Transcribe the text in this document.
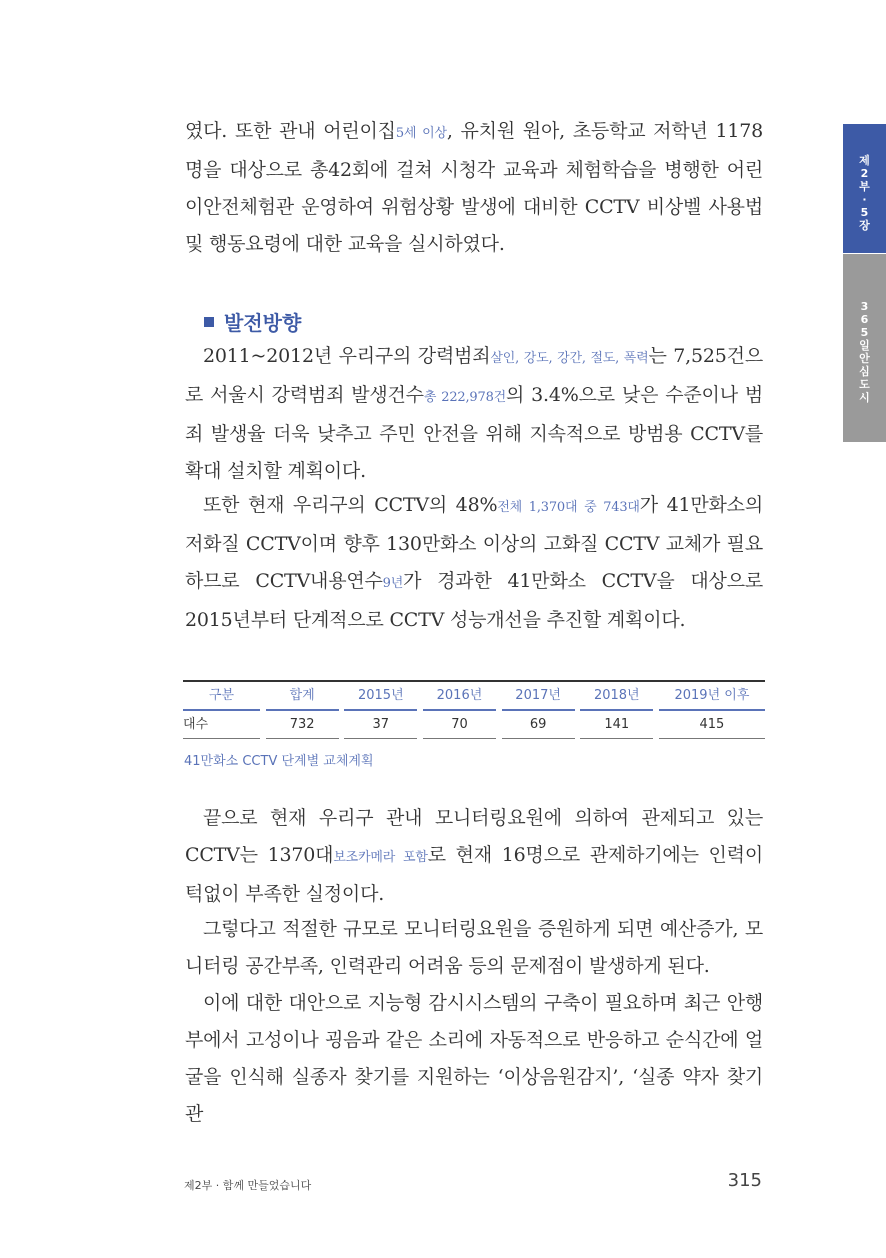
제
2
부
·
5
장
3
6
5
일
안
심
도
시

였다. 또한 관내 어린이집5세 이상, 유치원 원아, 초등학교 저학년 1178명을 대상으로 총42회에 걸쳐 시청각 교육과 체험학습을 병행한 어린이안전체험관 운영하여 위험상황 발생에 대비한 CCTV 비상벨 사용법 및 행동요령에 대한 교육을 실시하였다.

발전방향

2011~2012년 우리구의 강력범죄살인, 강도, 강간, 절도, 폭력는 7,525건으로 서울시 강력범죄 발생건수총 222,978건의 3.4%으로 낮은 수준이나 범죄 발생율 더욱 낮추고 주민 안전을 위해 지속적으로 방범용 CCTV를 확대 설치할 계획이다.

또한 현재 우리구의 CCTV의 48%전체 1,370대 중 743대가 41만화소의 저화질 CCTV이며 향후 130만화소 이상의 고화질 CCTV 교체가 필요하므로 CCTV내용연수9년가 경과한 41만화소 CCTV을 대상으로 2015년부터 단계적으로 CCTV 성능개선을 추진할 계획이다.

구분	합계	2015년	2016년	2017년	2018년	2019년 이후
대수	732	37	70	69	141	415
41만화소 CCTV 단계별 교체계획

끝으로 현재 우리구 관내 모니터링요원에 의하여 관제되고 있는 CCTV는 1370대보조카메라 포함로 현재 16명으로 관제하기에는 인력이 턱없이 부족한 실정이다.

그렇다고 적절한 규모로 모니터링요원을 증원하게 되면 예산증가, 모니터링 공간부족, 인력관리 어려움 등의 문제점이 발생하게 된다.

이에 대한 대안으로 지능형 감시시스템의 구축이 필요하며 최근 안행부에서 고성이나 굉음과 같은 소리에 자동적으로 반응하고 순식간에 얼굴을 인식해 실종자 찾기를 지원하는 ‘이상음원감지’, ‘실종 약자 찾기 관

제2부 · 함께 만들었습니다	315
